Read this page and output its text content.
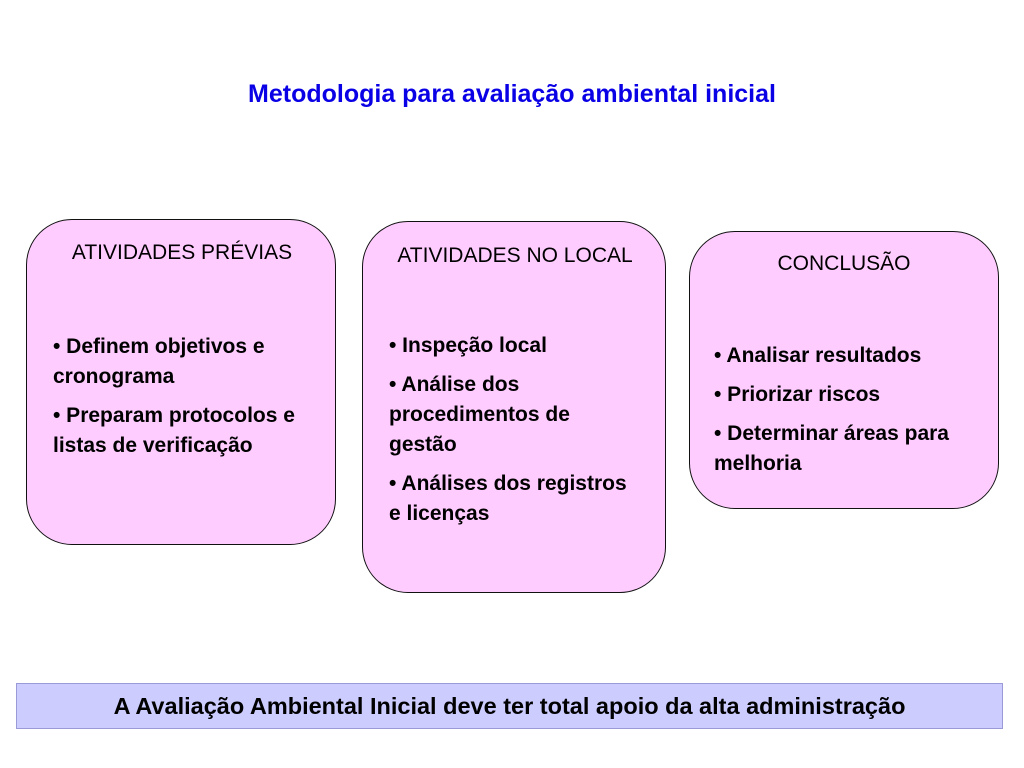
Metodologia para avaliação ambiental inicial
ATIVIDADES PRÉVIAS
• Definem objetivos e cronograma
• Preparam protocolos e listas de verificação
ATIVIDADES NO LOCAL
• Inspeção local
• Análise dos procedimentos de gestão
• Análises dos registros e licenças
CONCLUSÃO
• Analisar resultados
• Priorizar riscos
• Determinar áreas para melhoria
A Avaliação Ambiental Inicial deve ter total apoio da alta administração
